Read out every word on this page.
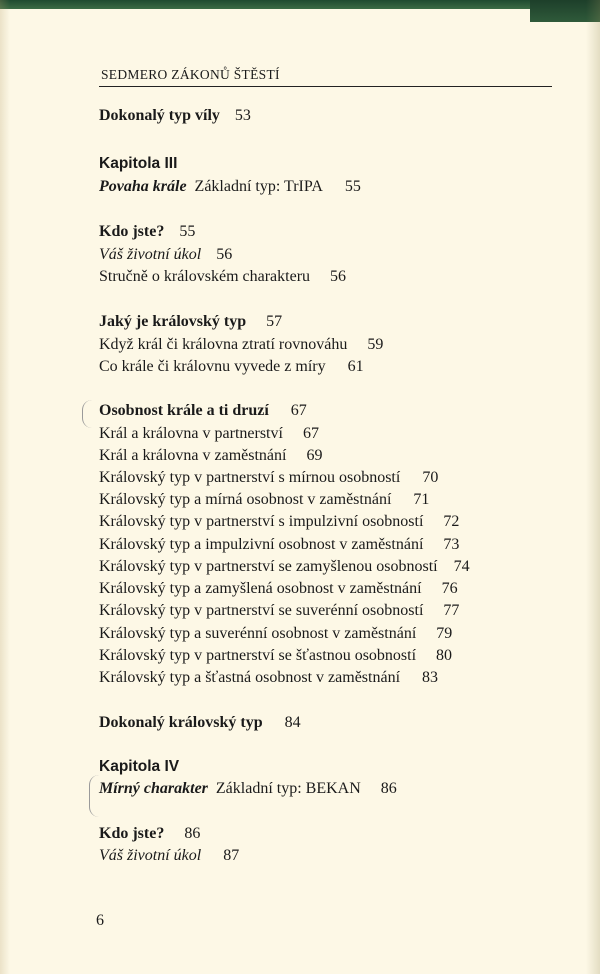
SEDMERO ZÁKONŮ ŠTĚSTÍ
Dokonalý typ víly 53
Kapitola III
Povaha krále Základní typ: TrIPA 55
Kdo jste? 55
Váš životní úkol 56
Stručně o královském charakteru 56
Jaký je královský typ 57
Když král či královna ztratí rovnováhu 59
Co krále či královnu vyvede z míry 61
Osobnost krále a ti druzí 67
Král a královna v partnerství 67
Král a královna v zaměstnání 69
Královský typ v partnerství s mírnou osobností 70
Královský typ a mírná osobnost v zaměstnání 71
Královský typ v partnerství s impulzivní osobností 72
Královský typ a impulzivní osobnost v zaměstnání 73
Královský typ v partnerství se zamyšlenou osobností 74
Královský typ a zamyšlená osobnost v zaměstnání 76
Královský typ v partnerství se suverénní osobností 77
Královský typ a suverénní osobnost v zaměstnání 79
Královský typ v partnerství se šťastnou osobností 80
Královský typ a šťastná osobnost v zaměstnání 83
Dokonalý královský typ 84
Kapitola IV
Mírný charakter Základní typ: BEKAN 86
Kdo jste? 86
Váš životní úkol 87
6
